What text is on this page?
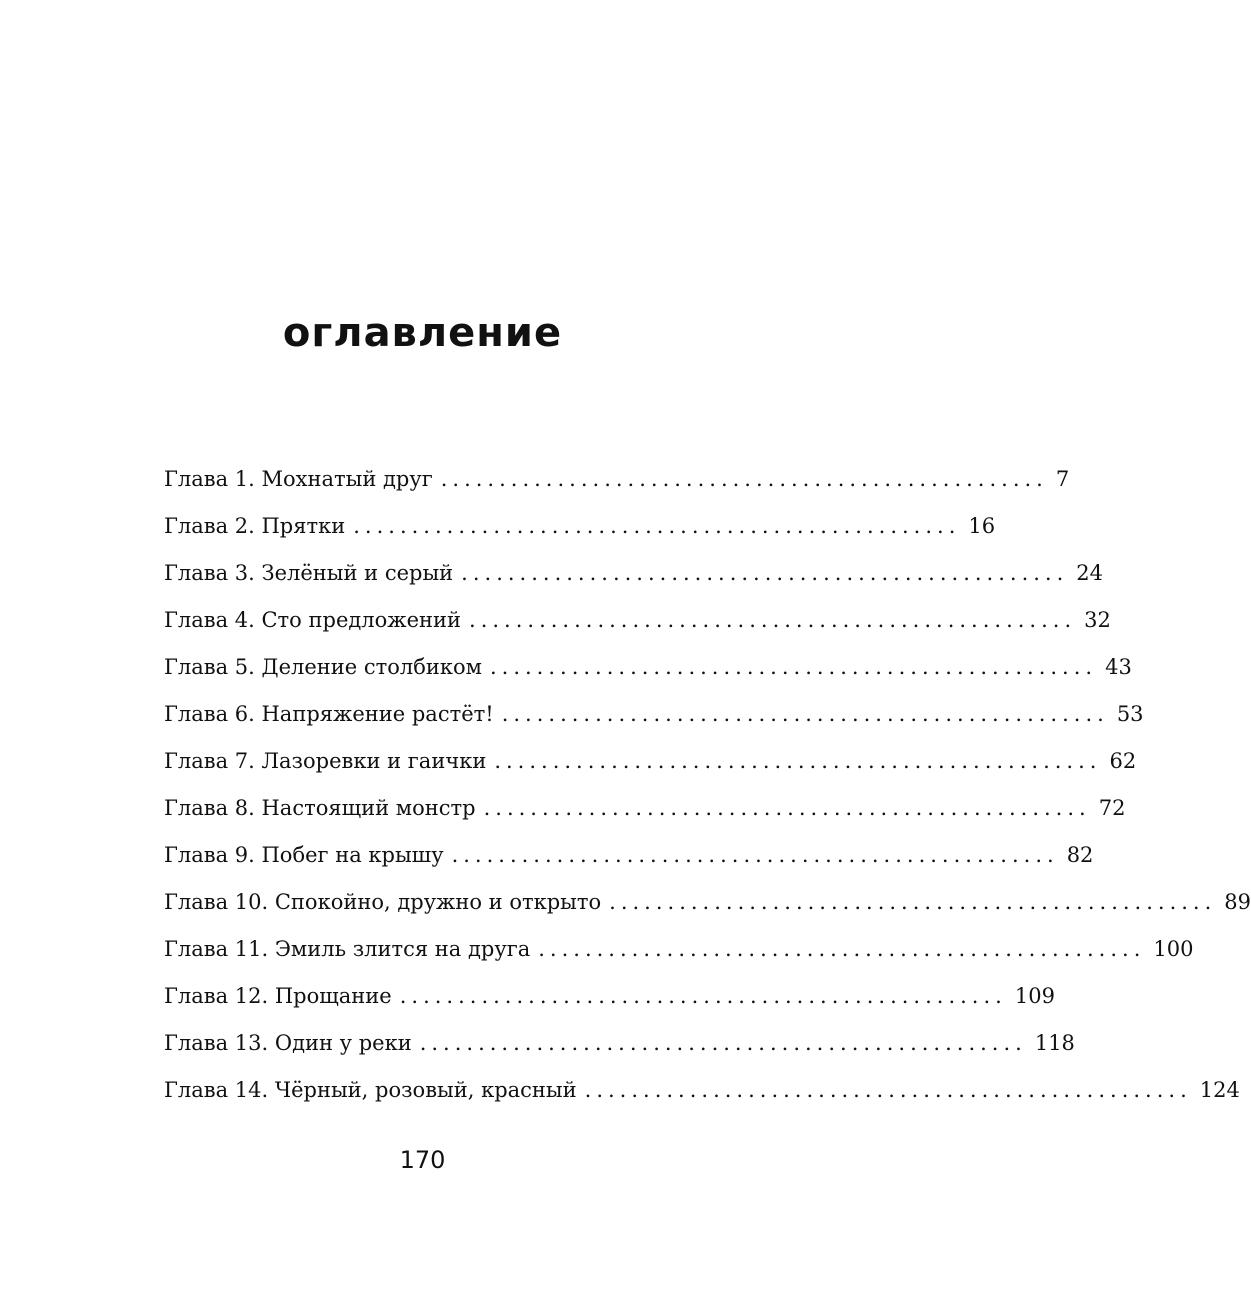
оглавление
Глава 1. Мохнатый друг .................................................... 7
Глава 2. Прятки .................................................... 16
Глава 3. Зелёный и серый .................................................... 24
Глава 4. Сто предложений .................................................... 32
Глава 5. Деление столбиком .................................................... 43
Глава 6. Напряжение растёт! .................................................... 53
Глава 7. Лазоревки и гаички .................................................... 62
Глава 8. Настоящий монстр .................................................... 72
Глава 9. Побег на крышу .................................................... 82
Глава 10. Спокойно, дружно и открыто .................................................... 89
Глава 11. Эмиль злится на друга .................................................... 100
Глава 12. Прощание .................................................... 109
Глава 13. Один у реки .................................................... 118
Глава 14. Чёрный, розовый, красный .................................................... 124
170
